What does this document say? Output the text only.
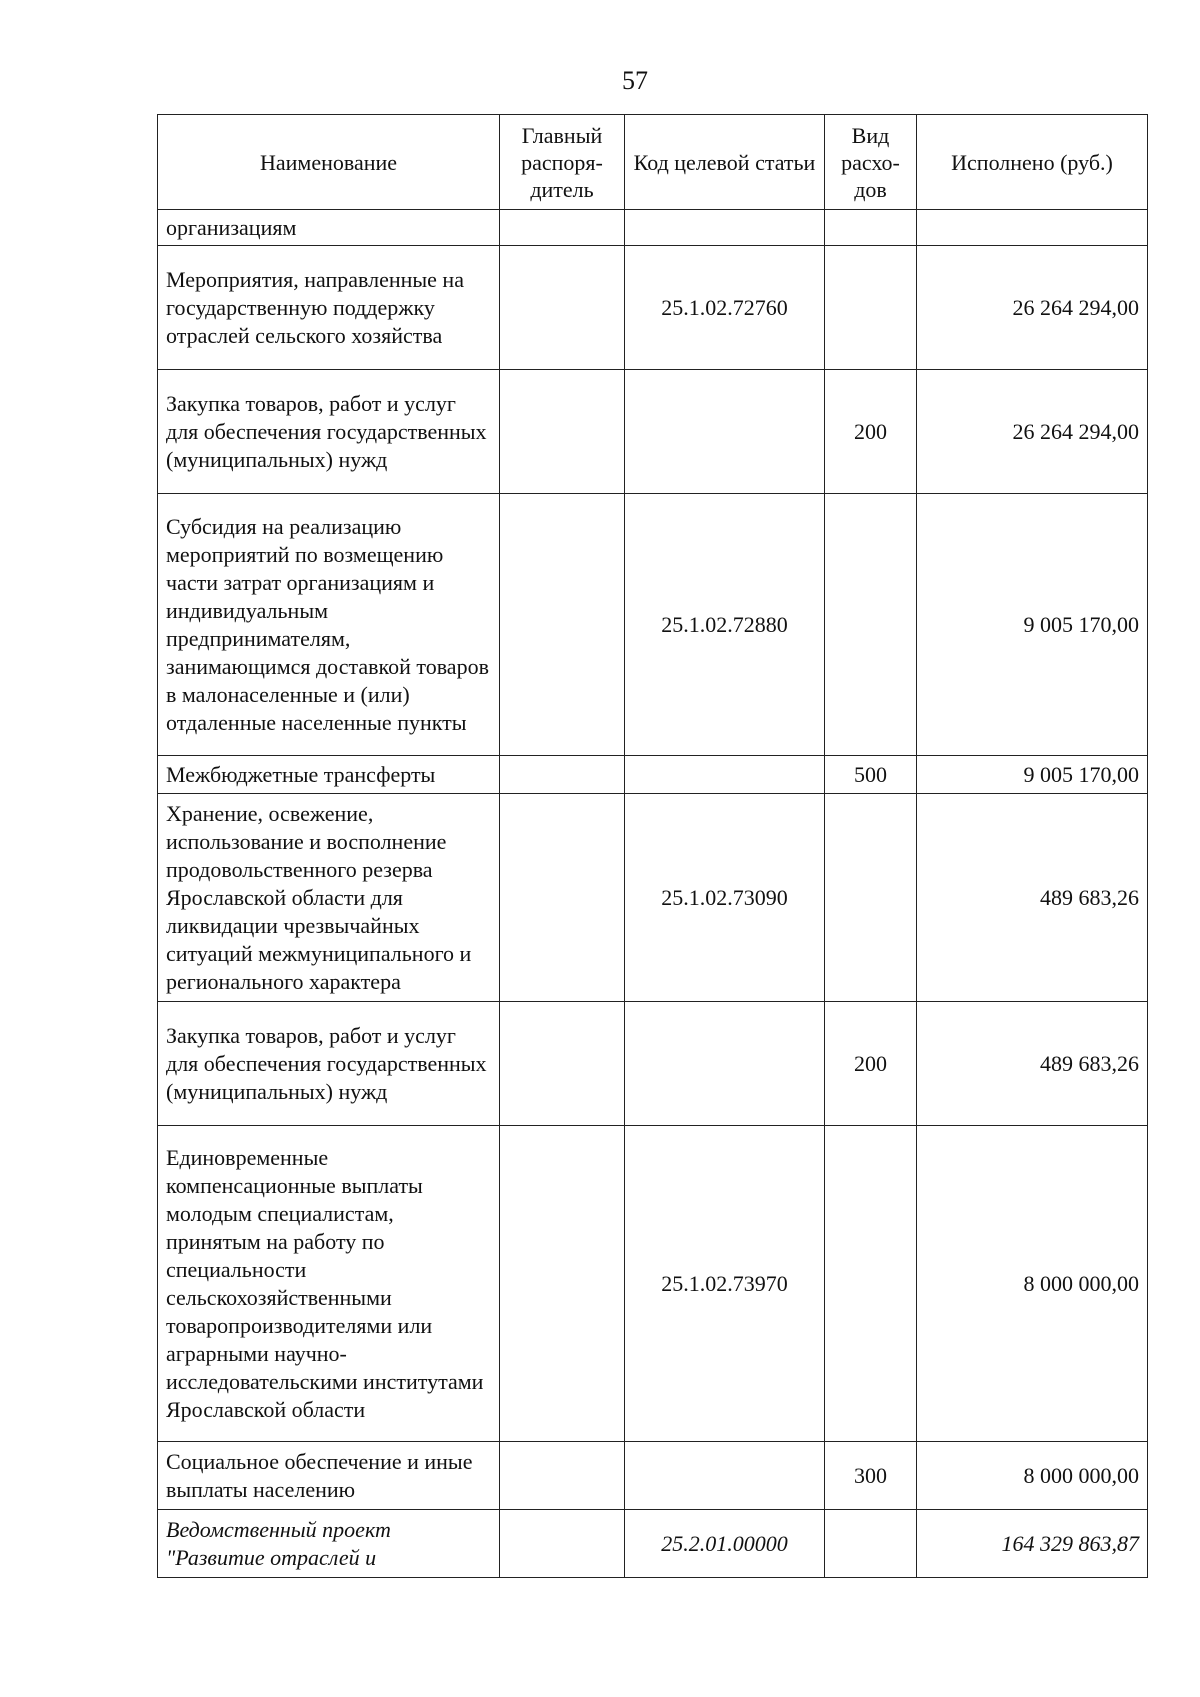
57
Наименование	Главный распоря-дитель	Код целевой статьи	Вид расхо-дов	Исполнено (руб.)
организациям				
Мероприятия, направленные на государственную поддержку отраслей сельского хозяйства		25.1.02.72760		26 264 294,00
Закупка товаров, работ и услуг для обеспечения государственных (муниципальных) нужд			200	26 264 294,00
Субсидия на реализацию мероприятий по возмещению части затрат организациям и индивидуальным предпринимателям, занимающимся доставкой товаров в малонаселенные и (или) отдаленные населенные пункты		25.1.02.72880		9 005 170,00
Межбюджетные трансферты			500	9 005 170,00
Хранение, освежение, использование и восполнение продовольственного резерва Ярославской области для ликвидации чрезвычайных ситуаций межмуниципального и регионального характера		25.1.02.73090		489 683,26
Закупка товаров, работ и услуг для обеспечения государственных (муниципальных) нужд			200	489 683,26
Единовременные компенсационные выплаты молодым специалистам, принятым на работу по специальности сельскохозяйственными товаропроизводителями или аграрными научно-исследовательскими институтами Ярославской области		25.1.02.73970		8 000 000,00
Социальное обеспечение и иные выплаты населению			300	8 000 000,00
Ведомственный проект "Развитие отраслей и		25.2.01.00000		164 329 863,87
